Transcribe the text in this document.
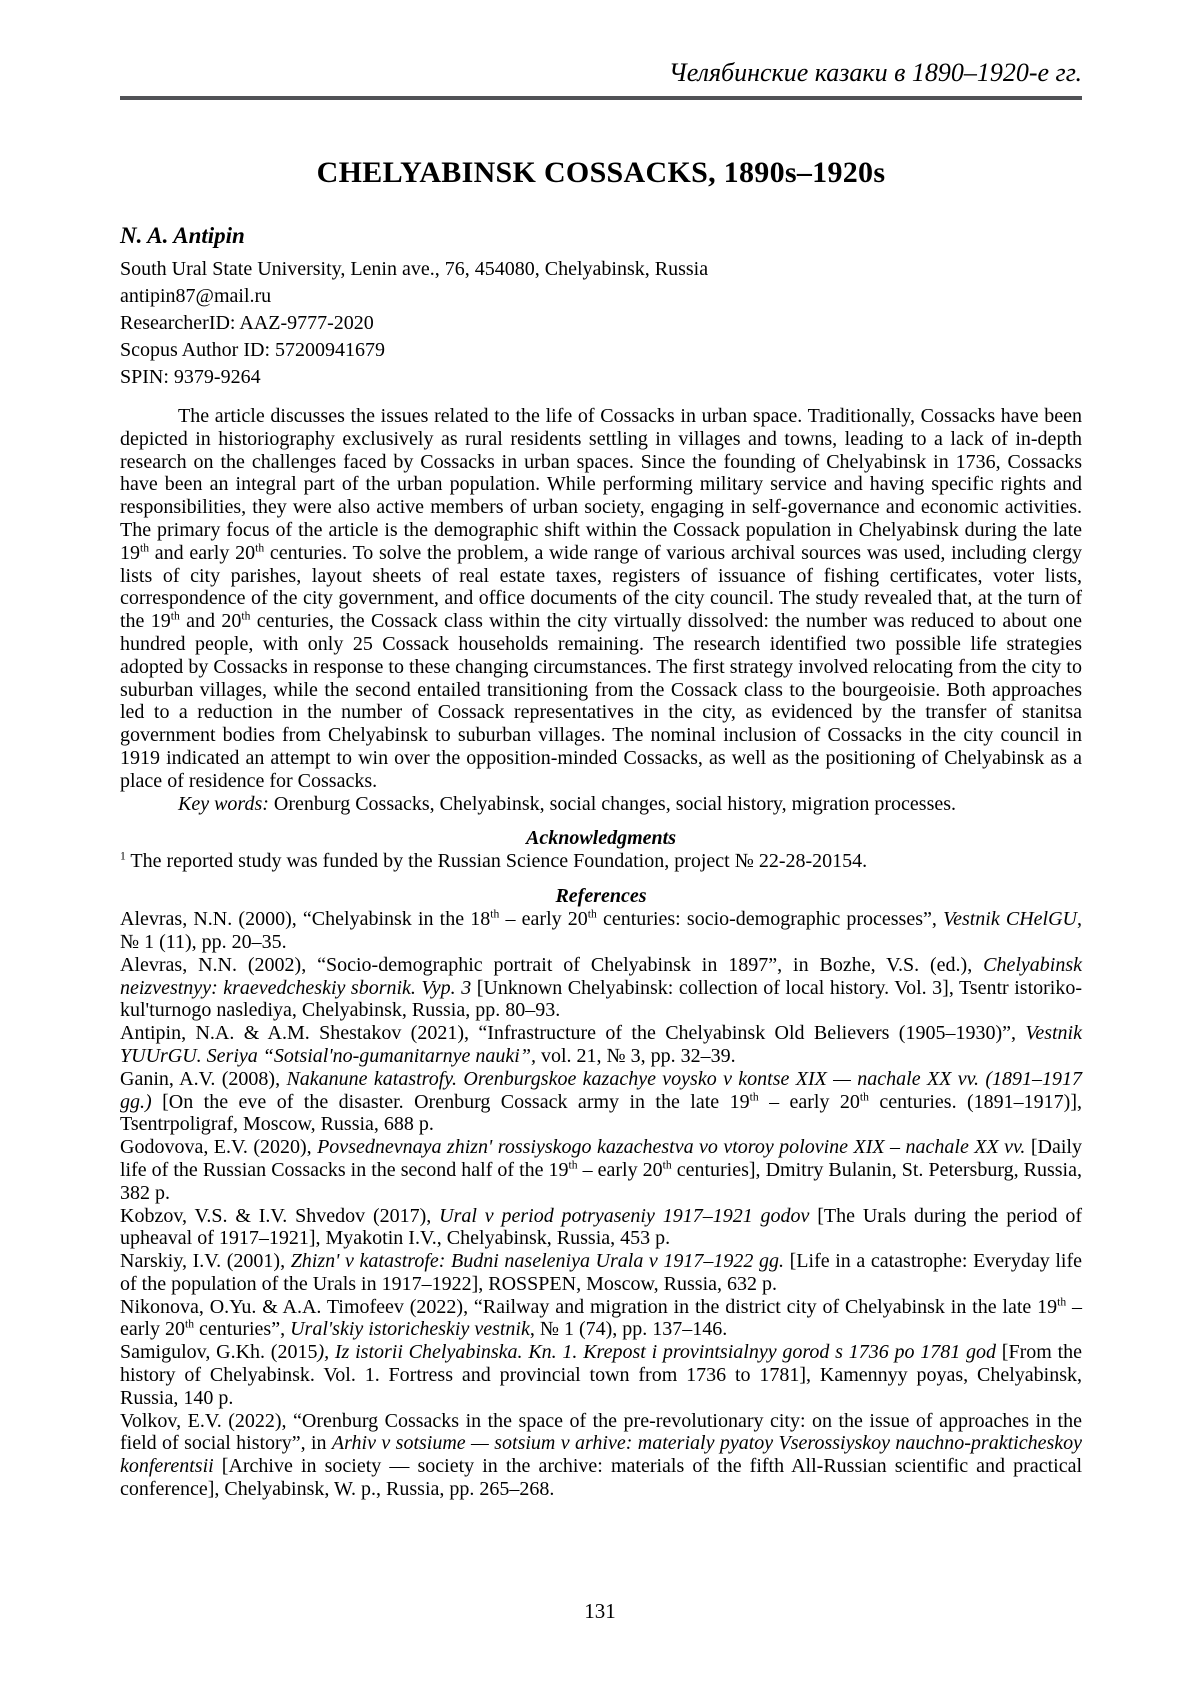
Челябинские казаки в 1890–1920-е гг.
CHELYABINSK COSSACKS, 1890s–1920s
N. A. Antipin
South Ural State University, Lenin ave., 76, 454080, Chelyabinsk, Russia
antipin87@mail.ru
ResearcherID: AAZ-9777-2020
Scopus Author ID: 57200941679
SPIN: 9379-9264

The article discusses the issues related to the life of Cossacks in urban space. Traditionally, Cossacks have been depicted in historiography exclusively as rural residents settling in villages and towns, leading to a lack of in-depth research on the challenges faced by Cossacks in urban spaces. Since the founding of Chelyabinsk in 1736, Cossacks have been an integral part of the urban population. While performing military service and having specific rights and responsibilities, they were also active members of urban society, engaging in self-governance and economic activities. The primary focus of the article is the demographic shift within the Cossack population in Chelyabinsk during the late 19th and early 20th centuries. To solve the problem, a wide range of various archival sources was used, including clergy lists of city parishes, layout sheets of real estate taxes, registers of issuance of fishing certificates, voter lists, correspondence of the city government, and office documents of the city council. The study revealed that, at the turn of the 19th and 20th centuries, the Cossack class within the city virtually dissolved: the number was reduced to about one hundred people, with only 25 Cossack households remaining. The research identified two possible life strategies adopted by Cossacks in response to these changing circumstances. The first strategy involved relocating from the city to suburban villages, while the second entailed transitioning from the Cossack class to the bourgeoisie. Both approaches led to a reduction in the number of Cossack representatives in the city, as evidenced by the transfer of stanitsa government bodies from Chelyabinsk to suburban villages. The nominal inclusion of Cossacks in the city council in 1919 indicated an attempt to win over the opposition-minded Cossacks, as well as the positioning of Chelyabinsk as a place of residence for Cossacks.

Key words: Orenburg Cossacks, Chelyabinsk, social changes, social history, migration processes.

Acknowledgments

$^1$ The reported study was funded by the Russian Science Foundation, project № 22-28-20154.

References
Alevras, N.N. (2000), “Chelyabinsk in the 18th – early 20th centuries: socio-demographic processes”, Vestnik CHelGU, № 1 (11), pp. 20–35.
Alevras, N.N. (2002), “Socio-demographic portrait of Chelyabinsk in 1897”, in Bozhe, V.S. (ed.), Chelyabinsk neizvestnyy: kraevedcheskiy sbornik. Vyp. 3 [Unknown Chelyabinsk: collection of local history. Vol. 3], Tsentr istoriko-kul'turnogo naslediya, Chelyabinsk, Russia, pp. 80–93.
Antipin, N.A. & A.M. Shestakov (2021), “Infrastructure of the Chelyabinsk Old Believers (1905–1930)”, Vestnik YUUrGU. Seriya “Sotsial'no-gumanitarnye nauki”, vol. 21, № 3, pp. 32–39.
Ganin, A.V. (2008), Nakanune katastrofy. Orenburgskoe kazachye voysko v kontse XIX — nachale XX vv. (1891–1917 gg.) [On the eve of the disaster. Orenburg Cossack army in the late 19th – early 20th centuries. (1891–1917)], Tsentrpoligraf, Moscow, Russia, 688 p.
Godovova, E.V. (2020), Povsednevnaya zhizn' rossiyskogo kazachestva vo vtoroy polovine XIX – nachale XX vv. [Daily life of the Russian Cossacks in the second half of the 19th – early 20th centuries], Dmitry Bulanin, St. Petersburg, Russia, 382 p.
Kobzov, V.S. & I.V. Shvedov (2017), Ural v period potryaseniy 1917–1921 godov [The Urals during the period of upheaval of 1917–1921], Myakotin I.V., Chelyabinsk, Russia, 453 p.
Narskiy, I.V. (2001), Zhizn' v katastrofe: Budni naseleniya Urala v 1917–1922 gg. [Life in a catastrophe: Everyday life of the population of the Urals in 1917–1922], ROSSPEN, Moscow, Russia, 632 p.
Nikonova, O.Yu. & A.A. Timofeev (2022), “Railway and migration in the district city of Chelyabinsk in the late 19th – early 20th centuries”, Ural'skiy istoricheskiy vestnik, № 1 (74), pp. 137–146.
Samigulov, G.Kh. (2015), Iz istorii Chelyabinska. Kn. 1. Krepost i provintsialnyy gorod s 1736 po 1781 god [From the history of Chelyabinsk. Vol. 1. Fortress and provincial town from 1736 to 1781], Kamennyy poyas, Chelyabinsk, Russia, 140 p.
Volkov, E.V. (2022), “Orenburg Cossacks in the space of the pre-revolutionary city: on the issue of approaches in the field of social history”, in Arhiv v sotsiume — sotsium v arhive: materialy pyatoy Vserossiyskoy nauchno-prakticheskoy konferentsii [Archive in society — society in the archive: materials of the fifth All-Russian scientific and practical conference], Chelyabinsk, W. p., Russia, pp. 265–268.
131
